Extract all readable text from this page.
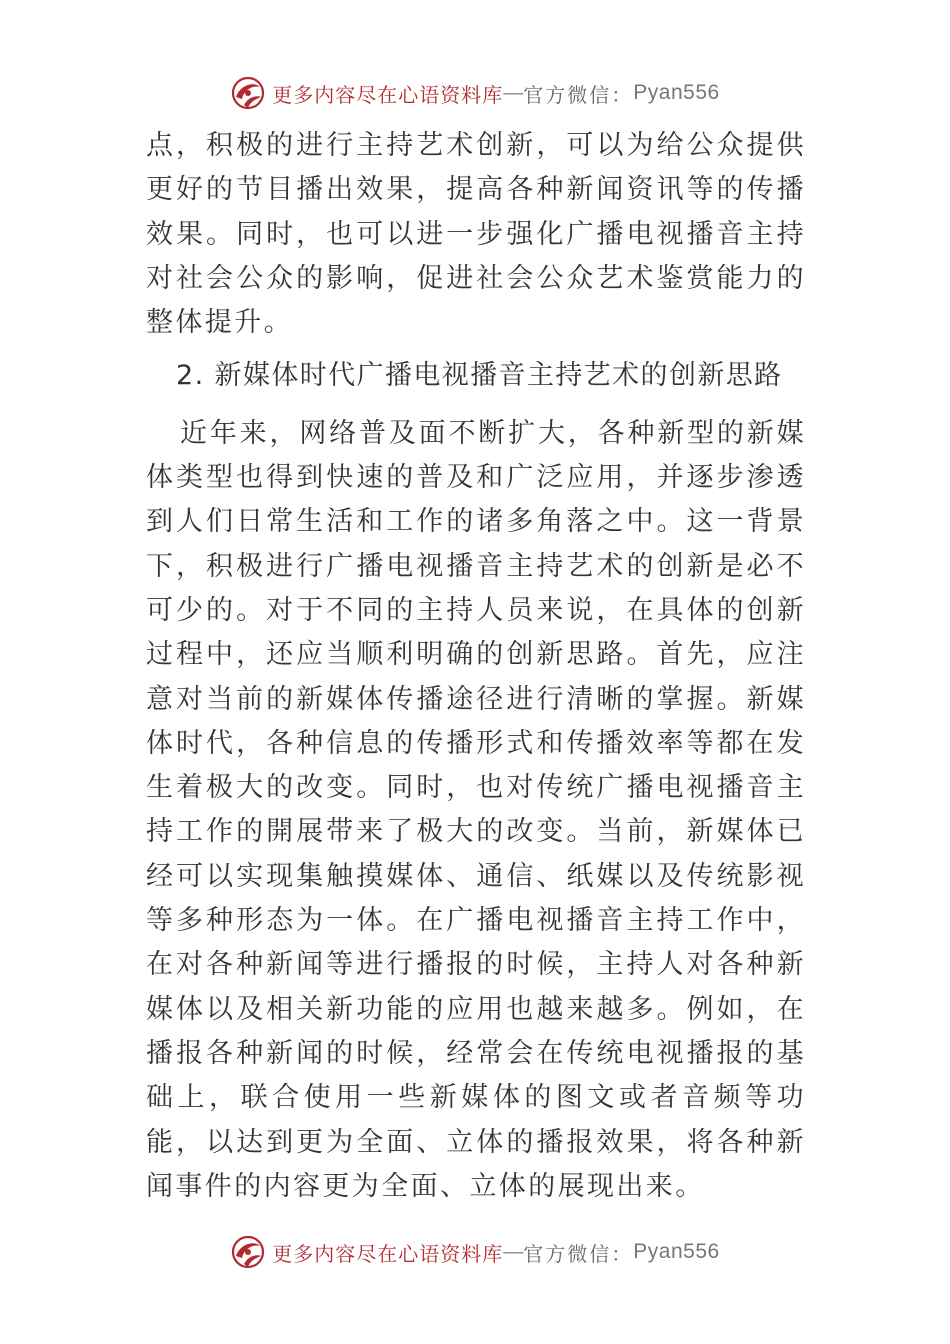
更多内容尽在心语资料库 — 官方微信： Pyan556

点，积极的进行主持艺术创新，可以为给公众提供更好的节目播出效果，提高各种新闻资讯等的传播效果。同时，也可以进一步强化广播电视播音主持对社会公众的影响，促进社会公众艺术鉴赏能力的整体提升。

2. 新媒体时代广播电视播音主持艺术的创新思路

近年来，网络普及面不断扩大，各种新型的新媒体类型也得到快速的普及和广泛应用，并逐步渗透到人们日常生活和工作的诸多角落之中。这一背景下，积极进行广播电视播音主持艺术的创新是必不可少的。对于不同的主持人员来说，在具体的创新过程中，还应当顺利明确的创新思路。首先，应注意对当前的新媒体传播途径进行清晰的掌握。新媒体时代，各种信息的传播形式和传播效率等都在发生着极大的改变。同时，也对传统广播电视播音主持工作的開展带来了极大的改变。当前，新媒体已经可以实现集触摸媒体、通信、纸媒以及传统影视等多种形态为一体。在广播电视播音主持工作中，在对各种新闻等进行播报的时候，主持人对各种新媒体以及相关新功能的应用也越来越多。例如，在播报各种新闻的时候，经常会在传统电视播报的基础上，联合使用一些新媒体的图文或者音频等功能，以达到更为全面、立体的播报效果，将各种新闻事件的内容更为全面、立体的展现出来。

更多内容尽在心语资料库 — 官方微信： Pyan556
